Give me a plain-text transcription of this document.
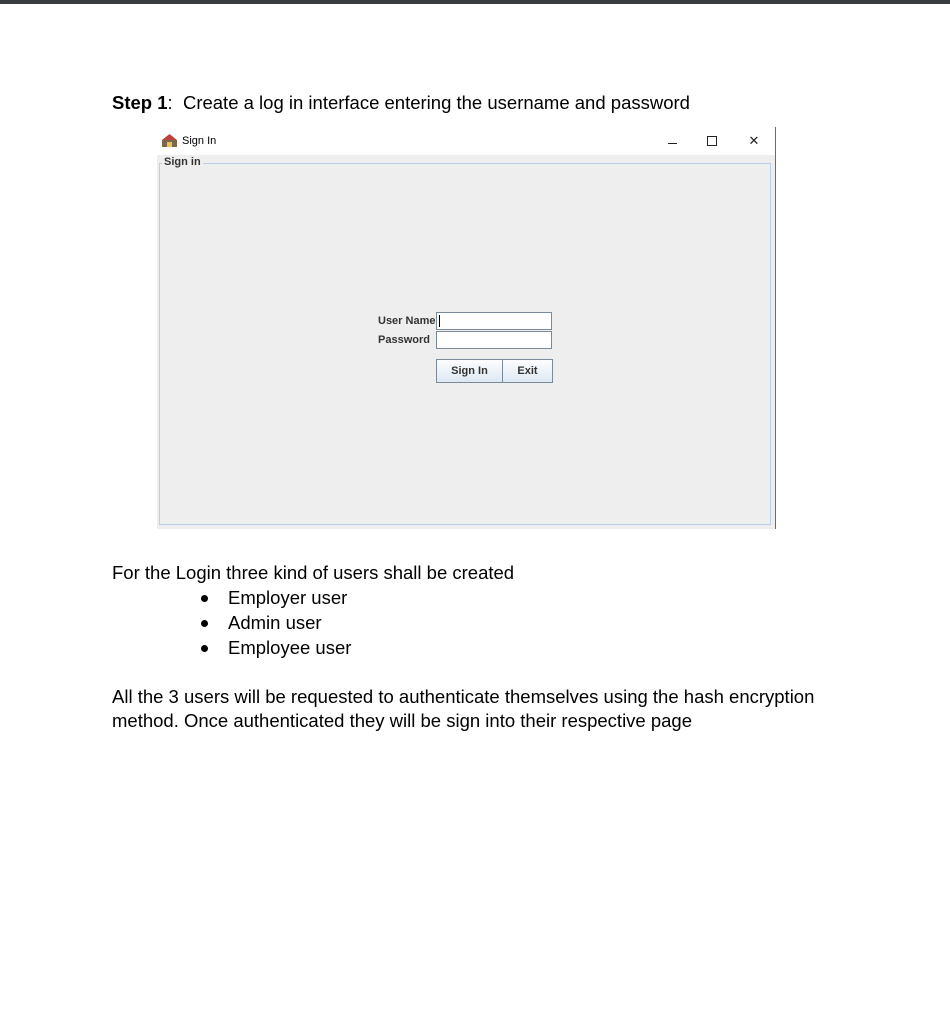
Step 1: Create a log in interface entering the username and password
Sign In	✕
Sign in
User Name
Password
Sign In	Exit
For the Login three kind of users shall be created
Employer user
Admin user
Employee user
All the 3 users will be requested to authenticate themselves using the hash encryption
method. Once authenticated they will be sign into their respective page
